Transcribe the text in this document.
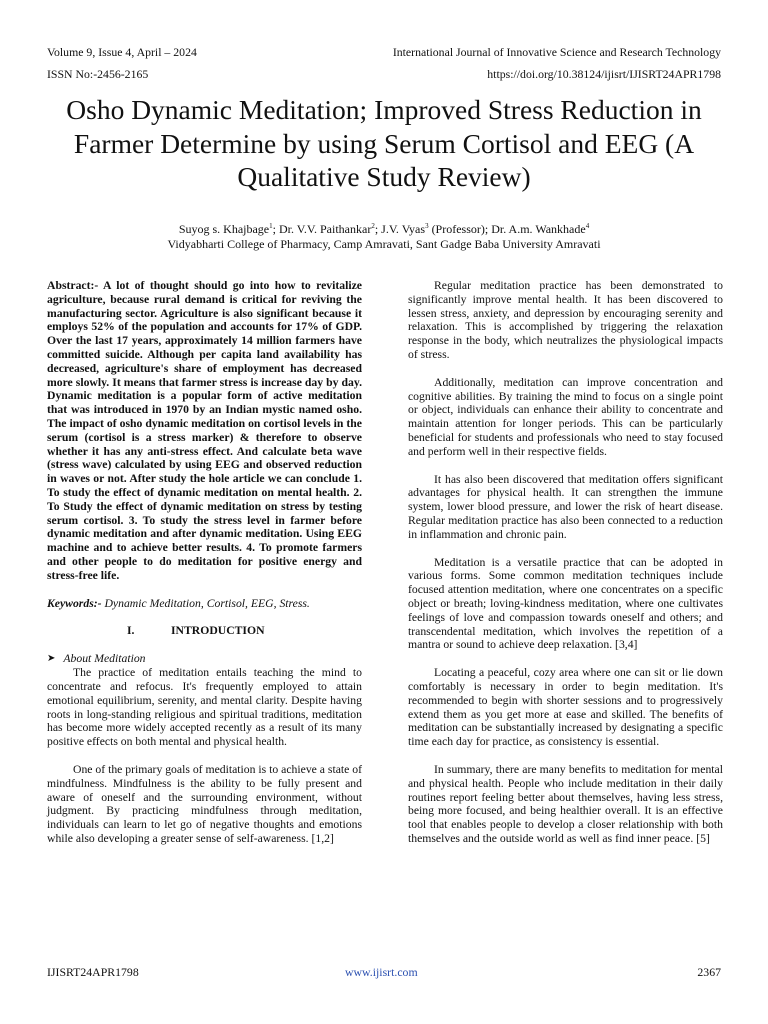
Volume 9, Issue 4, April – 2024
ISSN No:-2456-2165
International Journal of Innovative Science and Research Technology
https://doi.org/10.38124/ijisrt/IJISRT24APR1798
Osho Dynamic Meditation; Improved Stress Reduction in Farmer Determine by using Serum Cortisol and EEG (A Qualitative Study Review)
Suyog s. Khajbage$^1$; Dr. V.V. Paithankar$^2$; J.V. Vyas$^3$ (Professor); Dr. A.m. Wankhade$^4$
Vidyabharti College of Pharmacy, Camp Amravati, Sant Gadge Baba University Amravati

Abstract:- A lot of thought should go into how to revitalize agriculture, because rural demand is critical for reviving the manufacturing sector. Agriculture is also significant because it employs 52% of the population and accounts for 17% of GDP. Over the last 17 years, approximately 14 million farmers have committed suicide. Although per capita land availability has decreased, agriculture's share of employment has decreased more slowly. It means that farmer stress is increase day by day. Dynamic meditation is a popular form of active meditation that was introduced in 1970 by an Indian mystic named osho. The impact of osho dynamic meditation on cortisol levels in the serum (cortisol is a stress marker) & therefore to observe whether it has any anti-stress effect. And calculate beta wave (stress wave) calculated by using EEG and observed reduction in waves or not. After study the hole article we can conclude 1. To study the effect of dynamic meditation on mental health. 2. To Study the effect of dynamic meditation on stress by testing serum cortisol. 3. To study the stress level in farmer before dynamic meditation and after dynamic meditation. Using EEG machine and to achieve better results. 4. To promote farmers and other people to do meditation for positive energy and stress-free life.

Keywords:- Dynamic Meditation, Cortisol, EEG, Stress.

I.	INTRODUCTION
➤ About Meditation

The practice of meditation entails teaching the mind to concentrate and refocus. It's frequently employed to attain emotional equilibrium, serenity, and mental clarity. Despite having roots in long-standing religious and spiritual traditions, meditation has become more widely accepted recently as a result of its many positive effects on both mental and physical health.

One of the primary goals of meditation is to achieve a state of mindfulness. Mindfulness is the ability to be fully present and aware of oneself and the surrounding environment, without judgment. By practicing mindfulness through meditation, individuals can learn to let go of negative thoughts and emotions while also developing a greater sense of self-awareness. [1,2]

Regular meditation practice has been demonstrated to significantly improve mental health. It has been discovered to lessen stress, anxiety, and depression by encouraging serenity and relaxation. This is accomplished by triggering the relaxation response in the body, which neutralizes the physiological impacts of stress.

Additionally, meditation can improve concentration and cognitive abilities. By training the mind to focus on a single point or object, individuals can enhance their ability to concentrate and maintain attention for longer periods. This can be particularly beneficial for students and professionals who need to stay focused and perform well in their respective fields.

It has also been discovered that meditation offers significant advantages for physical health. It can strengthen the immune system, lower blood pressure, and lower the risk of heart disease. Regular meditation practice has also been connected to a reduction in inflammation and chronic pain.

Meditation is a versatile practice that can be adopted in various forms. Some common meditation techniques include focused attention meditation, where one concentrates on a specific object or breath; loving-kindness meditation, where one cultivates feelings of love and compassion towards oneself and others; and transcendental meditation, which involves the repetition of a mantra or sound to achieve deep relaxation. [3,4]

Locating a peaceful, cozy area where one can sit or lie down comfortably is necessary in order to begin meditation. It's recommended to begin with shorter sessions and to progressively extend them as you get more at ease and skilled. The benefits of meditation can be substantially increased by designating a specific time each day for practice, as consistency is essential.

In summary, there are many benefits to meditation for mental and physical health. People who include meditation in their daily routines report feeling better about themselves, having less stress, being more focused, and being healthier overall. It is an effective tool that enables people to develop a closer relationship with both themselves and the outside world as well as find inner peace. [5]

IJISRT24APR1798	www.ijisrt.com	2367
